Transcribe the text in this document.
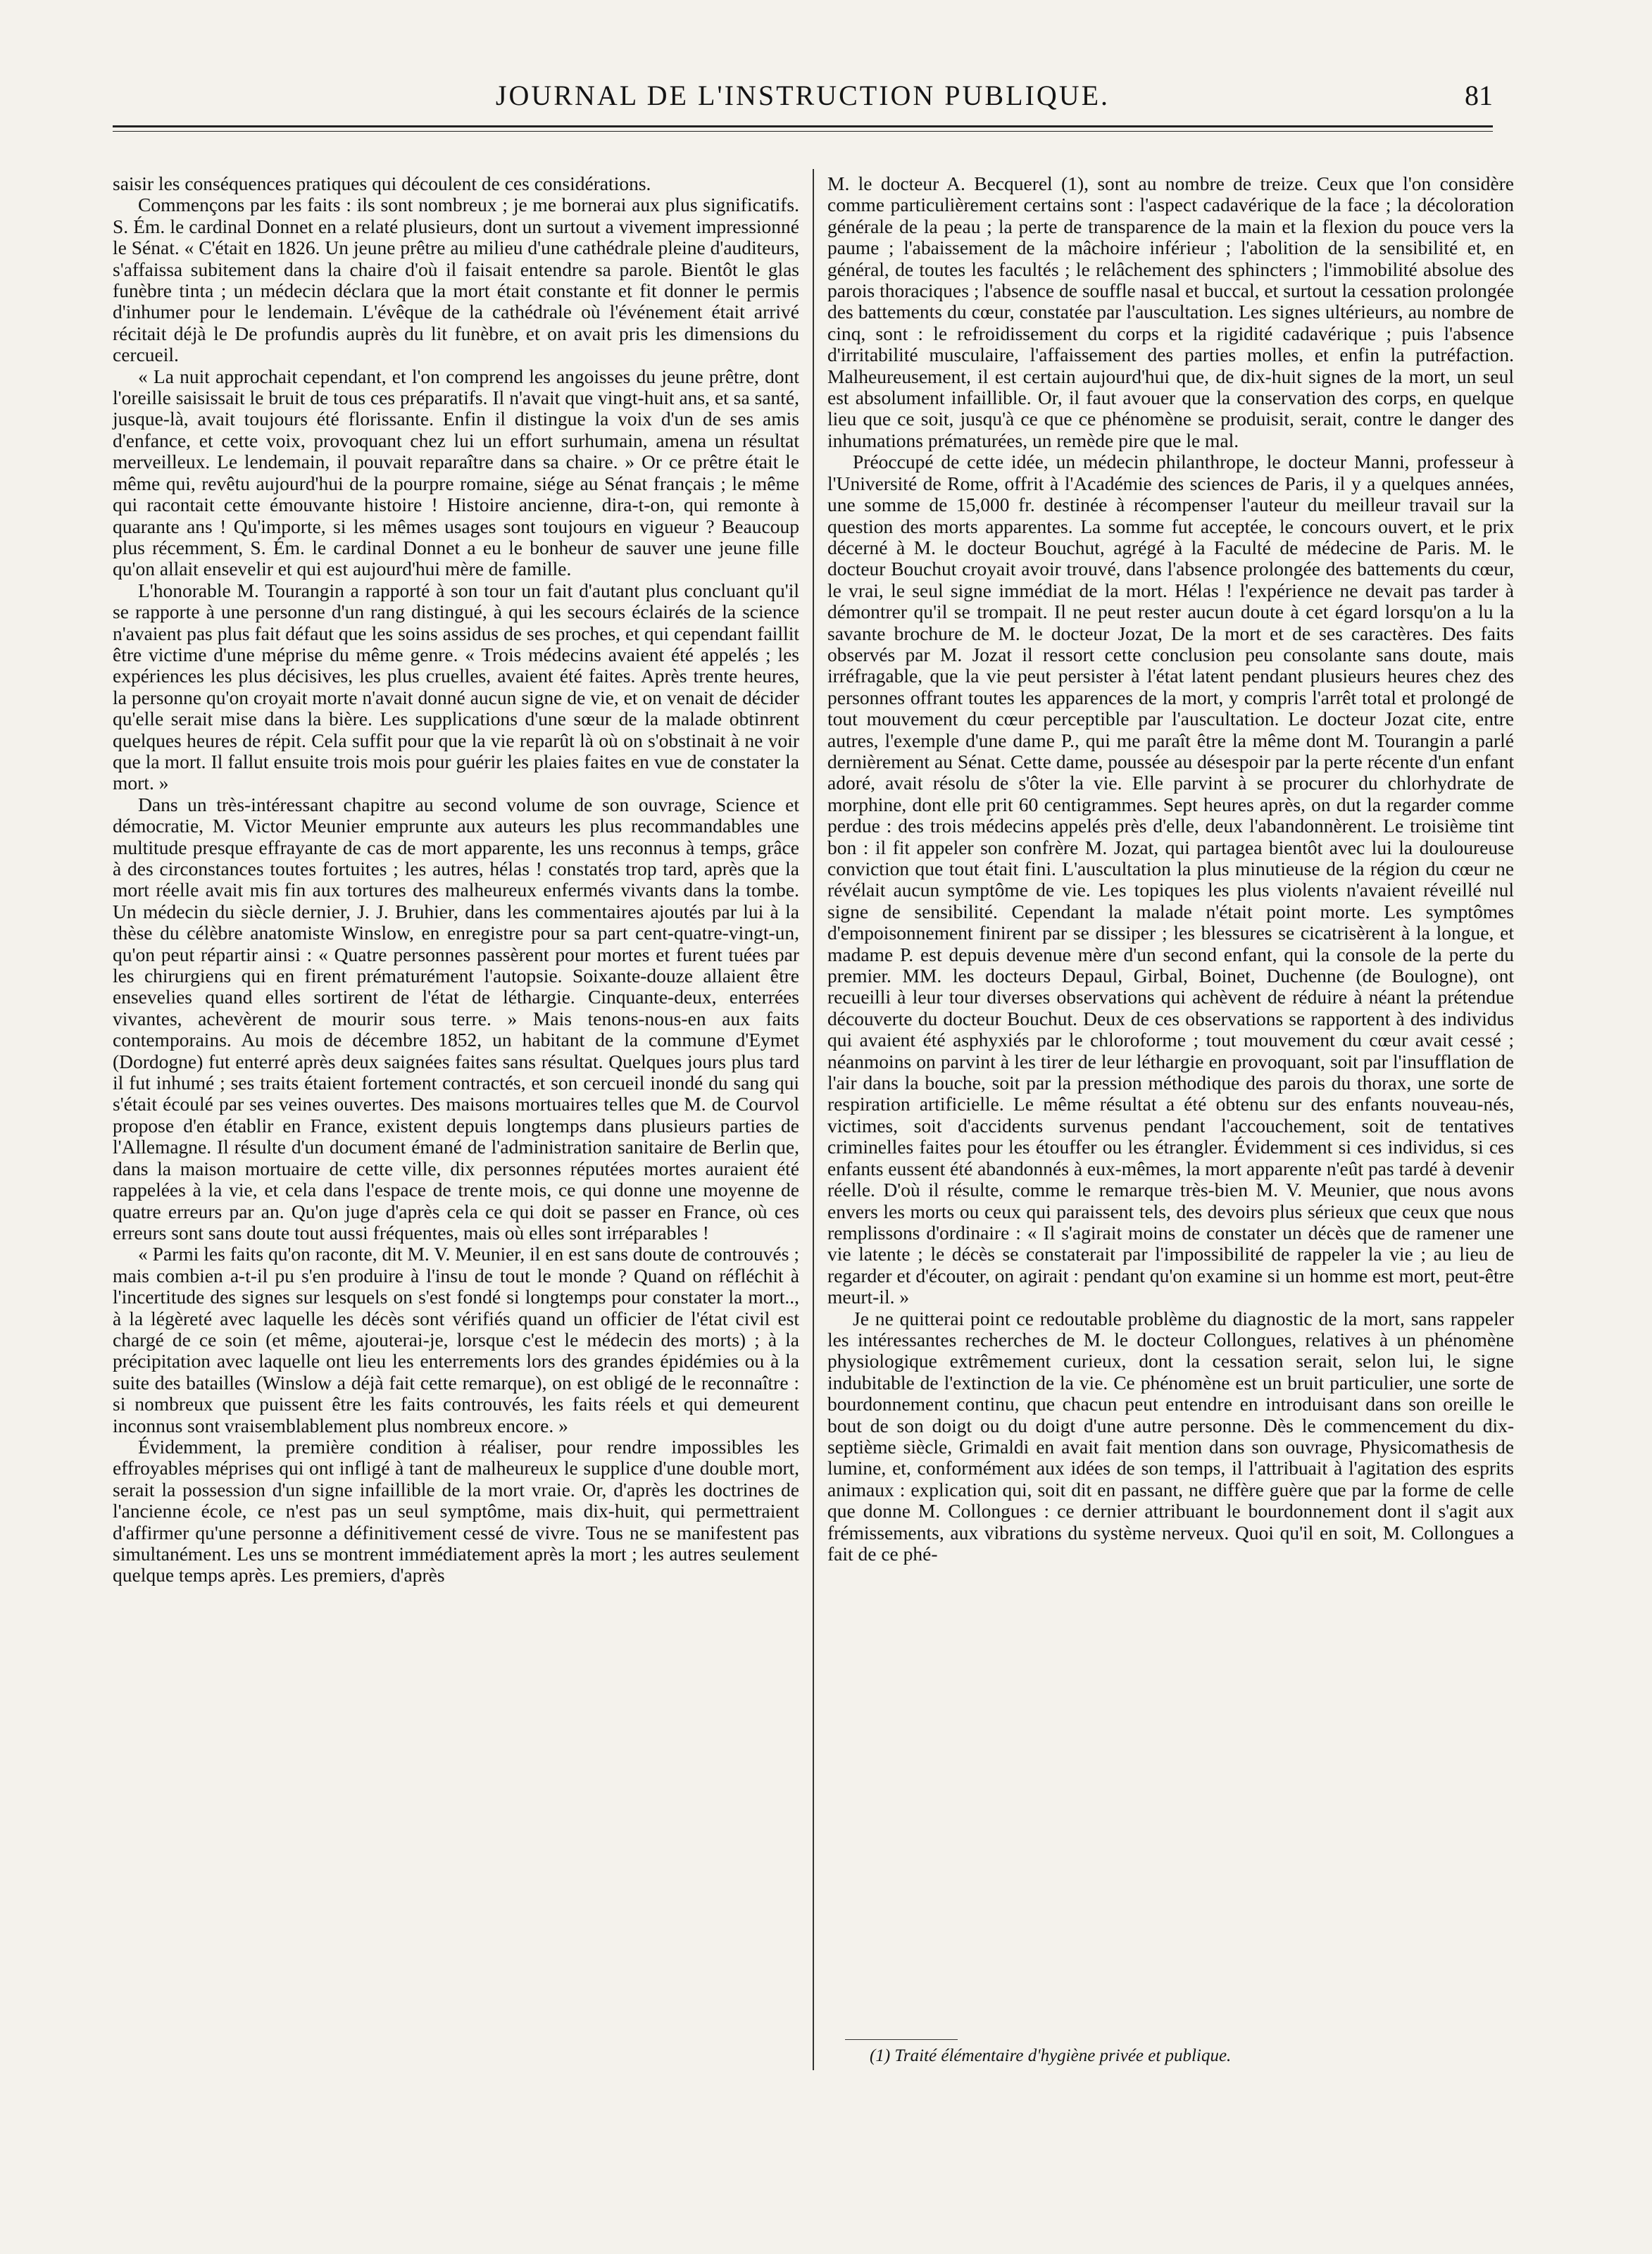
JOURNAL DE L'INSTRUCTION PUBLIQUE.	81

saisir les conséquences pratiques qui découlent de ces considérations.

Commençons par les faits : ils sont nombreux ; je me bornerai aux plus significatifs. S. Ém. le cardinal Donnet en a relaté plusieurs, dont un surtout a vivement impressionné le Sénat. « C'était en 1826. Un jeune prêtre au milieu d'une cathédrale pleine d'auditeurs, s'affaissa subitement dans la chaire d'où il faisait entendre sa parole. Bientôt le glas funèbre tinta ; un médecin déclara que la mort était constante et fit donner le permis d'inhumer pour le lendemain. L'évêque de la cathédrale où l'événement était arrivé récitait déjà le De profundis auprès du lit funèbre, et on avait pris les dimensions du cercueil.

« La nuit approchait cependant, et l'on comprend les angoisses du jeune prêtre, dont l'oreille saisissait le bruit de tous ces préparatifs. Il n'avait que vingt-huit ans, et sa santé, jusque-là, avait toujours été florissante. Enfin il distingue la voix d'un de ses amis d'enfance, et cette voix, provoquant chez lui un effort surhumain, amena un résultat merveilleux. Le lendemain, il pouvait reparaître dans sa chaire. » Or ce prêtre était le même qui, revêtu aujourd'hui de la pourpre romaine, siége au Sénat français ; le même qui racontait cette émouvante histoire ! Histoire ancienne, dira-t-on, qui remonte à quarante ans ! Qu'importe, si les mêmes usages sont toujours en vigueur ? Beaucoup plus récemment, S. Ém. le cardinal Donnet a eu le bonheur de sauver une jeune fille qu'on allait ensevelir et qui est aujourd'hui mère de famille.

L'honorable M. Tourangin a rapporté à son tour un fait d'autant plus concluant qu'il se rapporte à une personne d'un rang distingué, à qui les secours éclairés de la science n'avaient pas plus fait défaut que les soins assidus de ses proches, et qui cependant faillit être victime d'une méprise du même genre. « Trois médecins avaient été appelés ; les expériences les plus décisives, les plus cruelles, avaient été faites. Après trente heures, la personne qu'on croyait morte n'avait donné aucun signe de vie, et on venait de décider qu'elle serait mise dans la bière. Les supplications d'une sœur de la malade obtinrent quelques heures de répit. Cela suffit pour que la vie reparût là où on s'obstinait à ne voir que la mort. Il fallut ensuite trois mois pour guérir les plaies faites en vue de constater la mort. »

Dans un très-intéressant chapitre au second volume de son ouvrage, Science et démocratie, M. Victor Meunier emprunte aux auteurs les plus recommandables une multitude presque effrayante de cas de mort apparente, les uns reconnus à temps, grâce à des circonstances toutes fortuites ; les autres, hélas ! constatés trop tard, après que la mort réelle avait mis fin aux tortures des malheureux enfermés vivants dans la tombe. Un médecin du siècle dernier, J. J. Bruhier, dans les commentaires ajoutés par lui à la thèse du célèbre anatomiste Winslow, en enregistre pour sa part cent-quatre-vingt-un, qu'on peut répartir ainsi : « Quatre personnes passèrent pour mortes et furent tuées par les chirurgiens qui en firent prématurément l'autopsie. Soixante-douze allaient être ensevelies quand elles sortirent de l'état de léthargie. Cinquante-deux, enterrées vivantes, achevèrent de mourir sous terre. » Mais tenons-nous-en aux faits contemporains. Au mois de décembre 1852, un habitant de la commune d'Eymet (Dordogne) fut enterré après deux saignées faites sans résultat. Quelques jours plus tard il fut inhumé ; ses traits étaient fortement contractés, et son cercueil inondé du sang qui s'était écoulé par ses veines ouvertes. Des maisons mortuaires telles que M. de Courvol propose d'en établir en France, existent depuis longtemps dans plusieurs parties de l'Allemagne. Il résulte d'un document émané de l'administration sanitaire de Berlin que, dans la maison mortuaire de cette ville, dix personnes réputées mortes auraient été rappelées à la vie, et cela dans l'espace de trente mois, ce qui donne une moyenne de quatre erreurs par an. Qu'on juge d'après cela ce qui doit se passer en France, où ces erreurs sont sans doute tout aussi fréquentes, mais où elles sont irréparables !

« Parmi les faits qu'on raconte, dit M. V. Meunier, il en est sans doute de controuvés ; mais combien a-t-il pu s'en produire à l'insu de tout le monde ? Quand on réfléchit à l'incertitude des signes sur lesquels on s'est fondé si longtemps pour constater la mort.., à la légèreté avec laquelle les décès sont vérifiés quand un officier de l'état civil est chargé de ce soin (et même, ajouterai-je, lorsque c'est le médecin des morts) ; à la précipitation avec laquelle ont lieu les enterrements lors des grandes épidémies ou à la suite des batailles (Winslow a déjà fait cette remarque), on est obligé de le reconnaître : si nombreux que puissent être les faits controuvés, les faits réels et qui demeurent inconnus sont vraisemblablement plus nombreux encore. »

Évidemment, la première condition à réaliser, pour rendre impossibles les effroyables méprises qui ont infligé à tant de malheureux le supplice d'une double mort, serait la possession d'un signe infaillible de la mort vraie. Or, d'après les doctrines de l'ancienne école, ce n'est pas un seul symptôme, mais dix-huit, qui permettraient d'affirmer qu'une personne a définitivement cessé de vivre. Tous ne se manifestent pas simultanément. Les uns se montrent immédiatement après la mort ; les autres seulement quelque temps après. Les premiers, d'après

M. le docteur A. Becquerel (1), sont au nombre de treize. Ceux que l'on considère comme particulièrement certains sont : l'aspect cadavérique de la face ; la décoloration générale de la peau ; la perte de transparence de la main et la flexion du pouce vers la paume ; l'abaissement de la mâchoire inférieur ; l'abolition de la sensibilité et, en général, de toutes les facultés ; le relâchement des sphincters ; l'immobilité absolue des parois thoraciques ; l'absence de souffle nasal et buccal, et surtout la cessation prolongée des battements du cœur, constatée par l'auscultation. Les signes ultérieurs, au nombre de cinq, sont : le refroidissement du corps et la rigidité cadavérique ; puis l'absence d'irritabilité musculaire, l'affaissement des parties molles, et enfin la putréfaction. Malheureusement, il est certain aujourd'hui que, de dix-huit signes de la mort, un seul est absolument infaillible. Or, il faut avouer que la conservation des corps, en quelque lieu que ce soit, jusqu'à ce que ce phénomène se produisit, serait, contre le danger des inhumations prématurées, un remède pire que le mal.

Préoccupé de cette idée, un médecin philanthrope, le docteur Manni, professeur à l'Université de Rome, offrit à l'Académie des sciences de Paris, il y a quelques années, une somme de 15,000 fr. destinée à récompenser l'auteur du meilleur travail sur la question des morts apparentes. La somme fut acceptée, le concours ouvert, et le prix décerné à M. le docteur Bouchut, agrégé à la Faculté de médecine de Paris. M. le docteur Bouchut croyait avoir trouvé, dans l'absence prolongée des battements du cœur, le vrai, le seul signe immédiat de la mort. Hélas ! l'expérience ne devait pas tarder à démontrer qu'il se trompait. Il ne peut rester aucun doute à cet égard lorsqu'on a lu la savante brochure de M. le docteur Jozat, De la mort et de ses caractères. Des faits observés par M. Jozat il ressort cette conclusion peu consolante sans doute, mais irréfragable, que la vie peut persister à l'état latent pendant plusieurs heures chez des personnes offrant toutes les apparences de la mort, y compris l'arrêt total et prolongé de tout mouvement du cœur perceptible par l'auscultation. Le docteur Jozat cite, entre autres, l'exemple d'une dame P., qui me paraît être la même dont M. Tourangin a parlé dernièrement au Sénat. Cette dame, poussée au désespoir par la perte récente d'un enfant adoré, avait résolu de s'ôter la vie. Elle parvint à se procurer du chlorhydrate de morphine, dont elle prit 60 centigrammes. Sept heures après, on dut la regarder comme perdue : des trois médecins appelés près d'elle, deux l'abandonnèrent. Le troisième tint bon : il fit appeler son confrère M. Jozat, qui partagea bientôt avec lui la douloureuse conviction que tout était fini. L'auscultation la plus minutieuse de la région du cœur ne révélait aucun symptôme de vie. Les topiques les plus violents n'avaient réveillé nul signe de sensibilité. Cependant la malade n'était point morte. Les symptômes d'empoisonnement finirent par se dissiper ; les blessures se cicatrisèrent à la longue, et madame P. est depuis devenue mère d'un second enfant, qui la console de la perte du premier. MM. les docteurs Depaul, Girbal, Boinet, Duchenne (de Boulogne), ont recueilli à leur tour diverses observations qui achèvent de réduire à néant la prétendue découverte du docteur Bouchut. Deux de ces observations se rapportent à des individus qui avaient été asphyxiés par le chloroforme ; tout mouvement du cœur avait cessé ; néanmoins on parvint à les tirer de leur léthargie en provoquant, soit par l'insufflation de l'air dans la bouche, soit par la pression méthodique des parois du thorax, une sorte de respiration artificielle. Le même résultat a été obtenu sur des enfants nouveau-nés, victimes, soit d'accidents survenus pendant l'accouchement, soit de tentatives criminelles faites pour les étouffer ou les étrangler. Évidemment si ces individus, si ces enfants eussent été abandonnés à eux-mêmes, la mort apparente n'eût pas tardé à devenir réelle. D'où il résulte, comme le remarque très-bien M. V. Meunier, que nous avons envers les morts ou ceux qui paraissent tels, des devoirs plus sérieux que ceux que nous remplissons d'ordinaire : « Il s'agirait moins de constater un décès que de ramener une vie latente ; le décès se constaterait par l'impossibilité de rappeler la vie ; au lieu de regarder et d'écouter, on agirait : pendant qu'on examine si un homme est mort, peut-être meurt-il. »

Je ne quitterai point ce redoutable problème du diagnostic de la mort, sans rappeler les intéressantes recherches de M. le docteur Collongues, relatives à un phénomène physiologique extrêmement curieux, dont la cessation serait, selon lui, le signe indubitable de l'extinction de la vie. Ce phénomène est un bruit particulier, une sorte de bourdonnement continu, que chacun peut entendre en introduisant dans son oreille le bout de son doigt ou du doigt d'une autre personne. Dès le commencement du dix-septième siècle, Grimaldi en avait fait mention dans son ouvrage, Physicomathesis de lumine, et, conformément aux idées de son temps, il l'attribuait à l'agitation des esprits animaux : explication qui, soit dit en passant, ne diffère guère que par la forme de celle que donne M. Collongues : ce dernier attribuant le bourdonnement dont il s'agit aux frémissements, aux vibrations du système nerveux. Quoi qu'il en soit, M. Collongues a fait de ce phé-

(1) Traité élémentaire d'hygiène privée et publique.
